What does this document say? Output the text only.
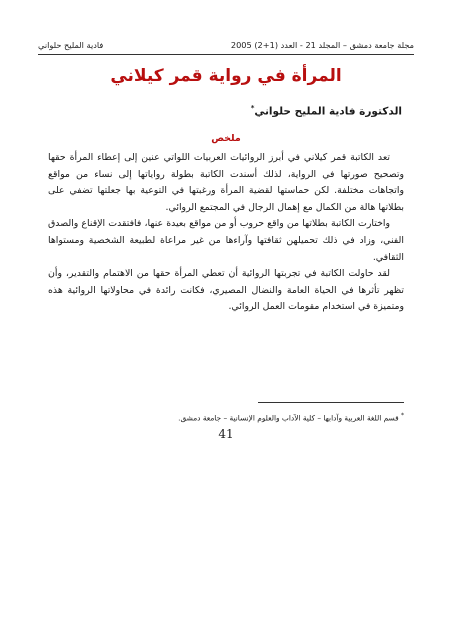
فادية المليح حلواني	مجلة جامعة دمشق – المجلد 21 - العدد (1+2) 2005
المرأة في رواية قمر كيلاني
الدكتورة فادية المليح حلواني*
ملخص

تعد الكاتبة قمر كيلاني في أبرز الروائيات العربيات اللواتي عنين إلى إعطاء المرأة حقها وتصحيح صورتها في الرواية، لذلك أسندت الكاتبة بطولة رواياتها إلى نساء من مواقع واتجاهات مختلفة. لكن حماستها لقضية المرأة ورغبتها في التوعية بها جعلتها تضفي على بطلاتها هالة من الكمال مع إهمال الرجال في المجتمع الروائي.

واختارت الكاتبة بطلاتها من واقع حروب أو من مواقع بعيدة عنها، فافتقدت الإقناع والصدق الفني، وزاد في ذلك تحميلهن ثقافتها وآراءها من غير مراعاة لطبيعة الشخصية ومستواها الثقافي.

لقد حاولت الكاتبة في تجربتها الروائية أن تعطي المرأة حقها من الاهتمام والتقدير، وأن تظهر تأثرها في الحياة العامة والنضال المصيري، فكانت رائدة في محاولاتها الروائية هذه ومتميزة في استخدام مقومات العمل الروائي.

* قسم اللغة العربية وآدابها – كلية الآداب والعلوم الإنسانية – جامعة دمشق.
41
